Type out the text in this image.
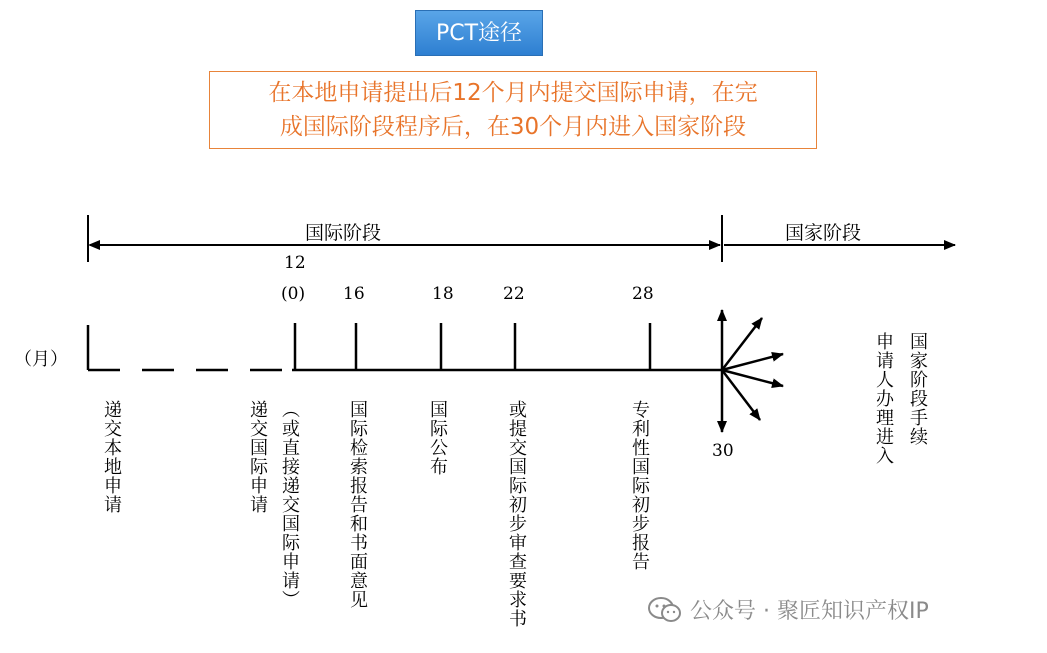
PCT途径
在本地申请提出后12个月内提交国际申请，在完
成国际阶段程序后，在30个月内进入国家阶段
国际阶段	国家阶段
（月）
12
(0) 16	18	22	28
30
递交本地申请	递交国际申请 （或直接递交国际申请）	国际检索报告和书面意见	国际公布	或提交国际初步审查要求书	专利性国际初步报告
国家阶段手续
申请人办理进入
公众号 · 聚匠知识产权IP
